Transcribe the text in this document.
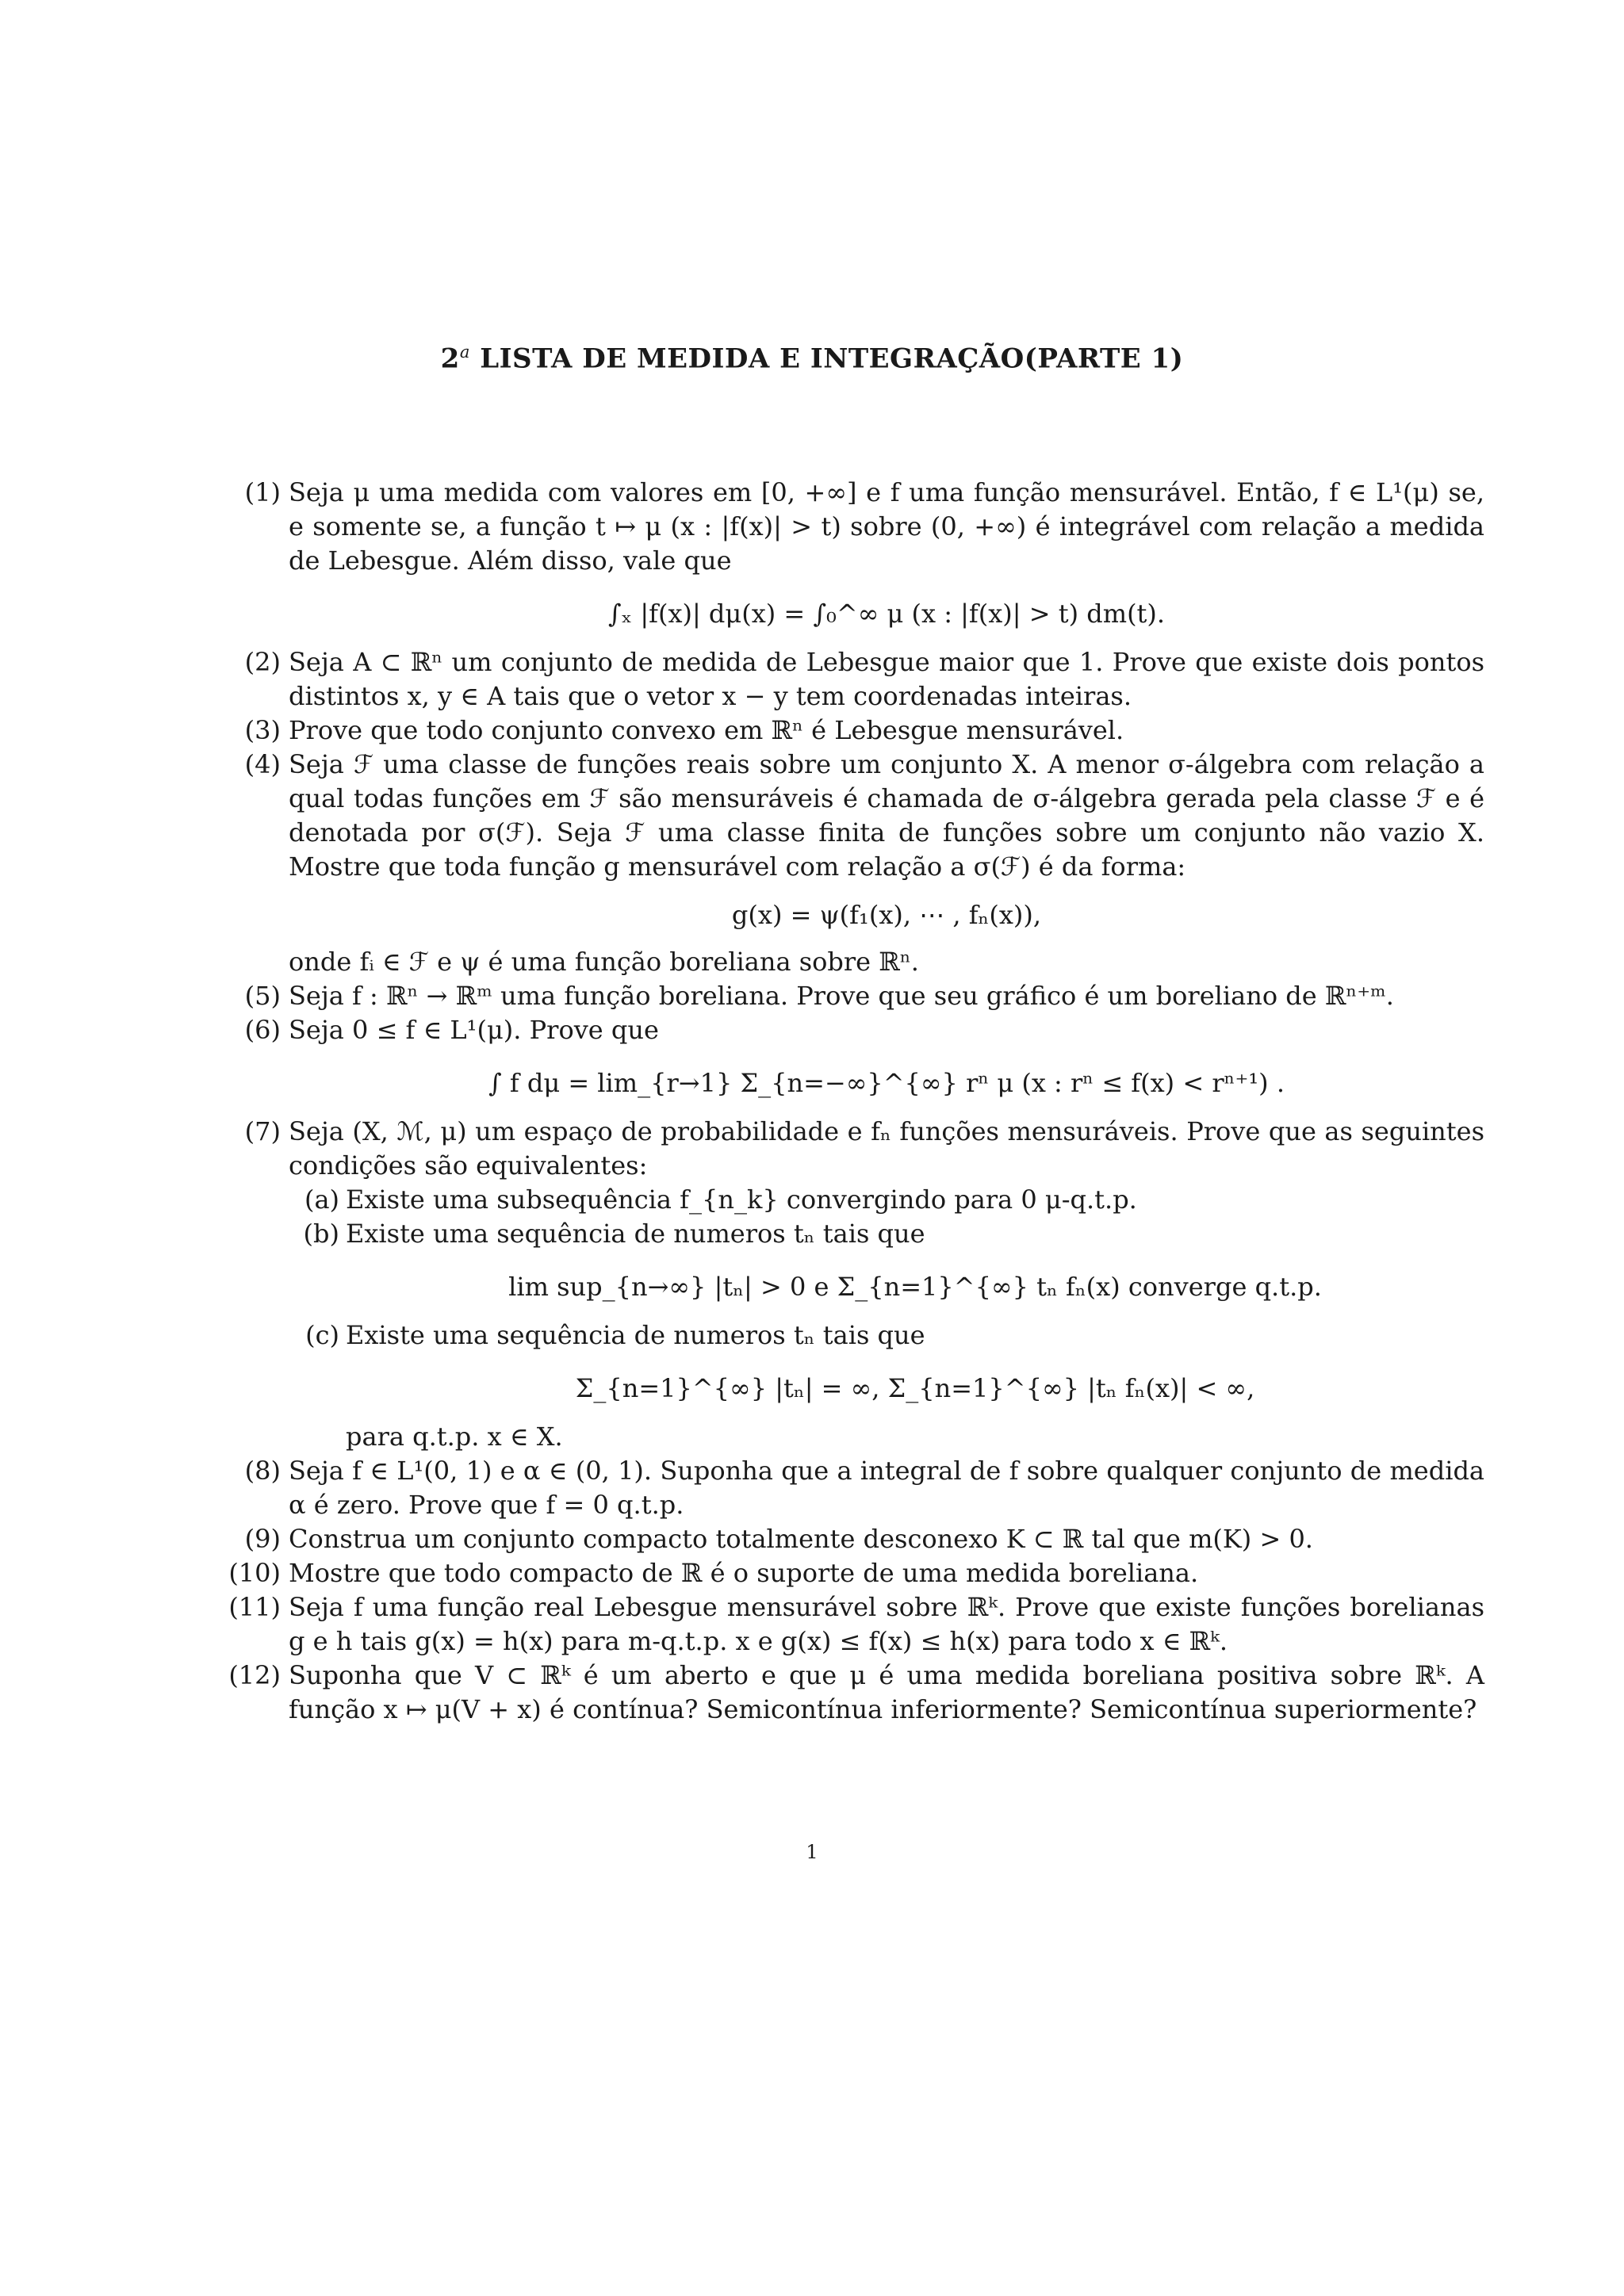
2$^a$ LISTA DE MEDIDA E INTEGRAÇÃO(PARTE 1)
(1) Seja μ uma medida com valores em [0, +∞] e f uma função mensurável. Então, f ∈ L¹(μ) se, e somente se, a função t ↦ μ (x : |f(x)| > t) sobre (0, +∞) é integrável com relação a medida de Lebesgue. Além disso, vale que

∫ₓ |f(x)| dμ(x) = ∫₀^∞ μ (x : |f(x)| > t) dm(t).
(2) Seja A ⊂ ℝⁿ um conjunto de medida de Lebesgue maior que 1. Prove que existe dois pontos distintos x, y ∈ A tais que o vetor x − y tem coordenadas inteiras.

(3) Prove que todo conjunto convexo em ℝⁿ é Lebesgue mensurável.

(4) Seja ℱ uma classe de funções reais sobre um conjunto X. A menor σ-álgebra com relação a qual todas funções em ℱ são mensuráveis é chamada de σ-álgebra gerada pela classe ℱ e é denotada por σ(ℱ). Seja ℱ uma classe finita de funções sobre um conjunto não vazio X. Mostre que toda função g mensurável com relação a σ(ℱ) é da forma:

g(x) = ψ(f₁(x), ⋯ , fₙ(x)),

onde fᵢ ∈ ℱ e ψ é uma função boreliana sobre ℝⁿ.

(5) Seja f : ℝⁿ → ℝᵐ uma função boreliana. Prove que seu gráfico é um boreliano de ℝⁿ⁺ᵐ.

(6) Seja 0 ≤ f ∈ L¹(μ). Prove que

∫ f dμ = lim_{r→1} Σ_{n=−∞}^{∞} rⁿ μ (x : rⁿ ≤ f(x) < rⁿ⁺¹) .
(7) Seja (X, ℳ, μ) um espaço de probabilidade e fₙ funções mensuráveis. Prove que as seguintes condições são equivalentes:

(a) Existe uma subsequência f_{n_k} convergindo para 0 μ-q.t.p.

(b) Existe uma sequência de numeros tₙ tais que

lim sup_{n→∞} |tₙ| > 0 e Σ_{n=1}^{∞} tₙ fₙ(x) converge q.t.p.
(c) Existe uma sequência de numeros tₙ tais que

Σ_{n=1}^{∞} |tₙ| = ∞, Σ_{n=1}^{∞} |tₙ fₙ(x)| < ∞,

para q.t.p. x ∈ X.

(8) Seja f ∈ L¹(0, 1) e α ∈ (0, 1). Suponha que a integral de f sobre qualquer conjunto de medida α é zero. Prove que f = 0 q.t.p.

(9) Construa um conjunto compacto totalmente desconexo K ⊂ ℝ tal que m(K) > 0.

(10) Mostre que todo compacto de ℝ é o suporte de uma medida boreliana.

(11) Seja f uma função real Lebesgue mensurável sobre ℝᵏ. Prove que existe funções borelianas g e h tais g(x) = h(x) para m-q.t.p. x e g(x) ≤ f(x) ≤ h(x) para todo x ∈ ℝᵏ.

(12) Suponha que V ⊂ ℝᵏ é um aberto e que μ é uma medida boreliana positiva sobre ℝᵏ. A função x ↦ μ(V + x) é contínua? Semicontínua inferiormente? Semicontínua superiormente?

1
